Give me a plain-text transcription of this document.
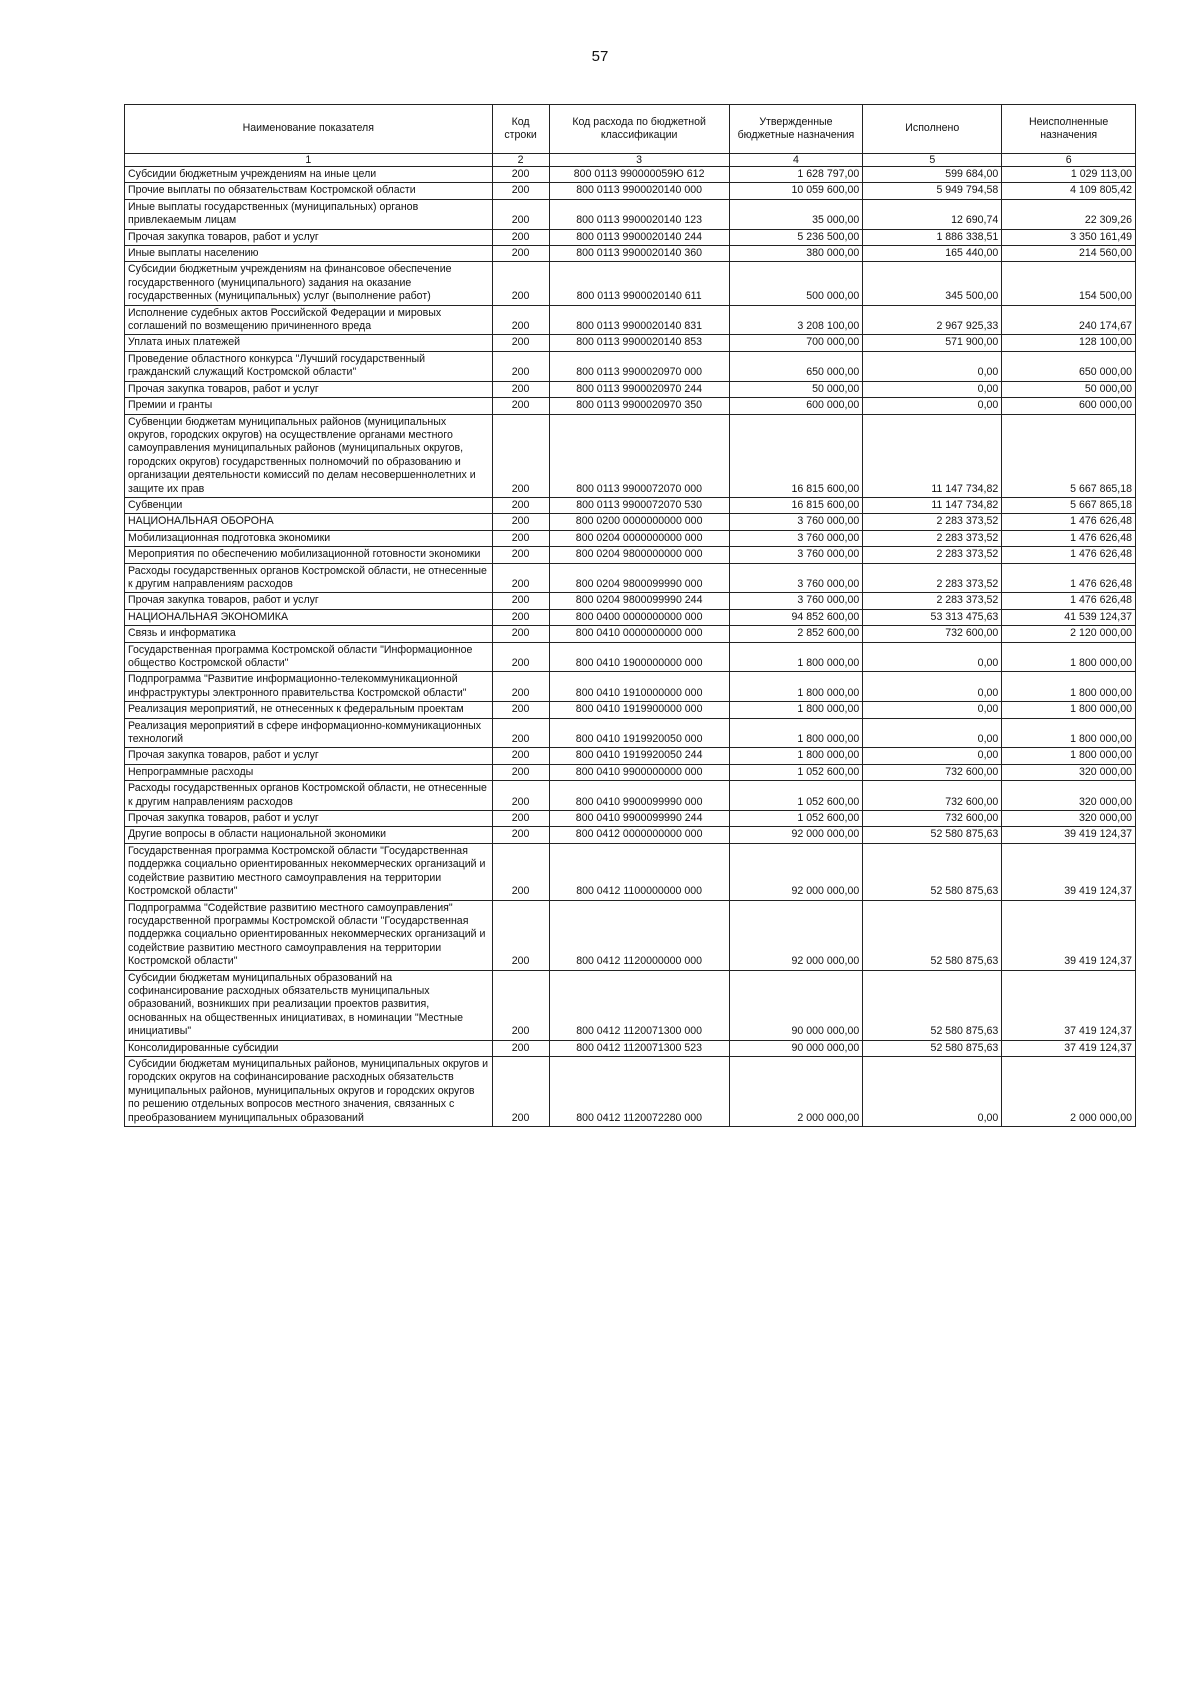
57
Наименование показателя	Код строки	Код расхода по бюджетной классификации	Утвержденные бюджетные назначения	Исполнено	Неисполненные назначения
1	2	3	4	5	6
Субсидии бюджетным учреждениям на иные цели	200	800 0113 990000059Ю 612	1 628 797,00	599 684,00	1 029 113,00
Прочие выплаты по обязательствам Костромской области	200	800 0113 9900020140 000	10 059 600,00	5 949 794,58	4 109 805,42
Иные выплаты государственных (муниципальных) органов привлекаемым лицам	200	800 0113 9900020140 123	35 000,00	12 690,74	22 309,26
Прочая закупка товаров, работ и услуг	200	800 0113 9900020140 244	5 236 500,00	1 886 338,51	3 350 161,49
Иные выплаты населению	200	800 0113 9900020140 360	380 000,00	165 440,00	214 560,00
Субсидии бюджетным учреждениям на финансовое обеспечение государственного (муниципального) задания на оказание государственных (муниципальных) услуг (выполнение работ)	200	800 0113 9900020140 611	500 000,00	345 500,00	154 500,00
Исполнение судебных актов Российской Федерации и мировых соглашений по возмещению причиненного вреда	200	800 0113 9900020140 831	3 208 100,00	2 967 925,33	240 174,67
Уплата иных платежей	200	800 0113 9900020140 853	700 000,00	571 900,00	128 100,00
Проведение областного конкурса "Лучший государственный гражданский служащий Костромской области"	200	800 0113 9900020970 000	650 000,00	0,00	650 000,00
Прочая закупка товаров, работ и услуг	200	800 0113 9900020970 244	50 000,00	0,00	50 000,00
Премии и гранты	200	800 0113 9900020970 350	600 000,00	0,00	600 000,00
Субвенции бюджетам муниципальных районов (муниципальных округов, городских округов) на осуществление органами местного самоуправления муниципальных районов (муниципальных округов, городских округов) государственных полномочий по образованию и организации деятельности комиссий по делам несовершеннолетних и защите их прав	200	800 0113 9900072070 000	16 815 600,00	11 147 734,82	5 667 865,18
Субвенции	200	800 0113 9900072070 530	16 815 600,00	11 147 734,82	5 667 865,18
НАЦИОНАЛЬНАЯ ОБОРОНА	200	800 0200 0000000000 000	3 760 000,00	2 283 373,52	1 476 626,48
Мобилизационная подготовка экономики	200	800 0204 0000000000 000	3 760 000,00	2 283 373,52	1 476 626,48
Мероприятия по обеспечению мобилизационной готовности экономики	200	800 0204 9800000000 000	3 760 000,00	2 283 373,52	1 476 626,48
Расходы государственных органов Костромской области, не отнесенные к другим направлениям расходов	200	800 0204 9800099990 000	3 760 000,00	2 283 373,52	1 476 626,48
Прочая закупка товаров, работ и услуг	200	800 0204 9800099990 244	3 760 000,00	2 283 373,52	1 476 626,48
НАЦИОНАЛЬНАЯ ЭКОНОМИКА	200	800 0400 0000000000 000	94 852 600,00	53 313 475,63	41 539 124,37
Связь и информатика	200	800 0410 0000000000 000	2 852 600,00	732 600,00	2 120 000,00
Государственная программа Костромской области "Информационное общество Костромской области"	200	800 0410 1900000000 000	1 800 000,00	0,00	1 800 000,00
Подпрограмма "Развитие информационно-телекоммуникационной инфраструктуры электронного правительства Костромской области"	200	800 0410 1910000000 000	1 800 000,00	0,00	1 800 000,00
Реализация мероприятий, не отнесенных к федеральным проектам	200	800 0410 1919900000 000	1 800 000,00	0,00	1 800 000,00
Реализация мероприятий в сфере информационно-коммуникационных технологий	200	800 0410 1919920050 000	1 800 000,00	0,00	1 800 000,00
Прочая закупка товаров, работ и услуг	200	800 0410 1919920050 244	1 800 000,00	0,00	1 800 000,00
Непрограммные расходы	200	800 0410 9900000000 000	1 052 600,00	732 600,00	320 000,00
Расходы государственных органов Костромской области, не отнесенные к другим направлениям расходов	200	800 0410 9900099990 000	1 052 600,00	732 600,00	320 000,00
Прочая закупка товаров, работ и услуг	200	800 0410 9900099990 244	1 052 600,00	732 600,00	320 000,00
Другие вопросы в области национальной экономики	200	800 0412 0000000000 000	92 000 000,00	52 580 875,63	39 419 124,37
Государственная программа Костромской области "Государственная поддержка социально ориентированных некоммерческих организаций и содействие развитию местного самоуправления на территории Костромской области"	200	800 0412 1100000000 000	92 000 000,00	52 580 875,63	39 419 124,37
Подпрограмма "Содействие развитию местного самоуправления" государственной программы Костромской области "Государственная поддержка социально ориентированных некоммерческих организаций и содействие развитию местного самоуправления на территории Костромской области"	200	800 0412 1120000000 000	92 000 000,00	52 580 875,63	39 419 124,37
Субсидии бюджетам муниципальных образований на софинансирование расходных обязательств муниципальных образований, возникших при реализации проектов развития, основанных на общественных инициативах, в номинации "Местные инициативы"	200	800 0412 1120071300 000	90 000 000,00	52 580 875,63	37 419 124,37
Консолидированные субсидии	200	800 0412 1120071300 523	90 000 000,00	52 580 875,63	37 419 124,37
Субсидии бюджетам муниципальных районов, муниципальных округов и городских округов на софинансирование расходных обязательств муниципальных районов, муниципальных округов и городских округов по решению отдельных вопросов местного значения, связанных с преобразованием муниципальных образований	200	800 0412 1120072280 000	2 000 000,00	0,00	2 000 000,00
